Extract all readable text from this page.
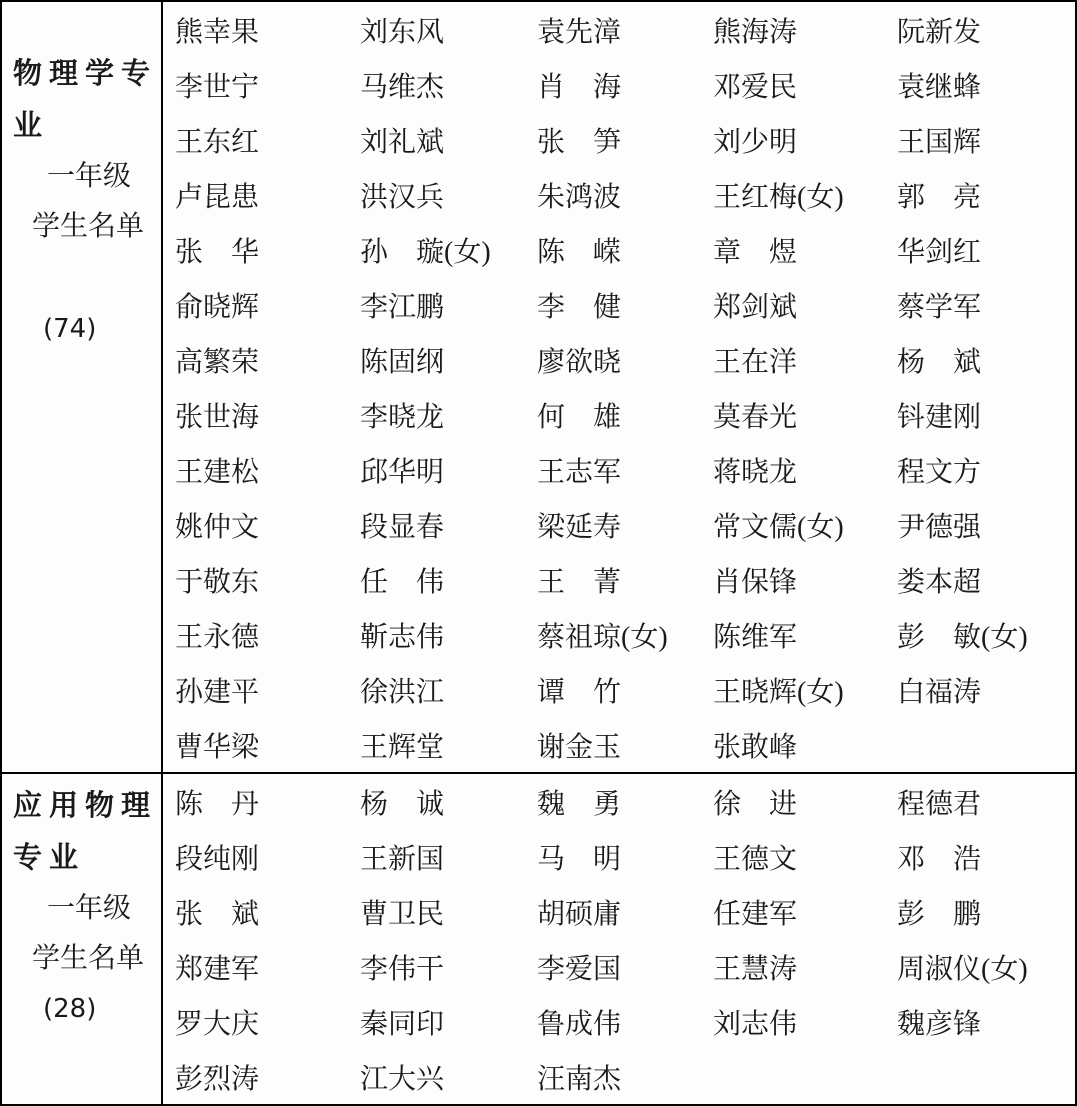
物理学专业
一年级
学生名单
(74)
熊幸果	刘东风	袁先漳	熊海涛	阮新发
李世宁	马维杰	肖　海	邓爱民	袁继蜂
王东红	刘礼斌	张　笋	刘少明	王国辉
卢昆患	洪汉兵	朱鸿波	王红梅(女)	郭　亮
张　华	孙　璇(女)	陈　嵘	章　煜	华剑红
俞晓辉	李江鹏	李　健	郑剑斌	蔡学军
高繁荣	陈固纲	廖欲晓	王在洋	杨　斌
张世海	李晓龙	何　雄	莫春光	钭建刚
王建松	邱华明	王志军	蒋晓龙	程文方
姚仲文	段显春	梁延寿	常文儒(女)	尹德强
于敬东	任　伟	王　菁	肖保锋	娄本超
王永德	靳志伟	蔡祖琼(女)	陈维军	彭　敏(女)
孙建平	徐洪江	谭　竹	王晓辉(女)	白福涛
曹华梁	王辉堂	谢金玉	张敢峰
应用物理专业
一年级
学生名单
(28)
陈　丹	杨　诚	魏　勇	徐　进	程德君
段纯刚	王新国	马　明	王德文	邓　浩
张　斌	曹卫民	胡硕庸	任建军	彭　鹏
郑建军	李伟干	李爱国	王慧涛	周淑仪(女)
罗大庆	秦同印	鲁成伟	刘志伟	魏彦锋
彭烈涛	江大兴	汪南杰
